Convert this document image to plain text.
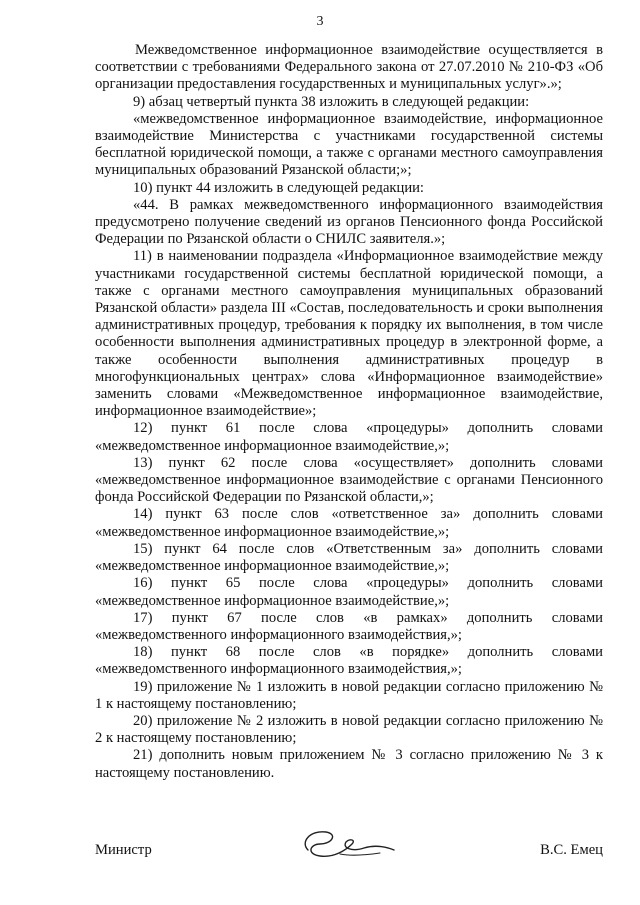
3

Межведомственное информационное взаимодействие осуществляется в соответствии с требованиями Федерального закона от 27.07.2010 № 210-ФЗ «Об организации предоставления государственных и муниципальных услуг».»;

9) абзац четвертый пункта 38 изложить в следующей редакции:

«межведомственное информационное взаимодействие, информационное взаимодействие Министерства с участниками государственной системы бесплатной юридической помощи, а также с органами местного самоуправления муниципальных образований Рязанской области;»;

10) пункт 44 изложить в следующей редакции:

«44. В рамках межведомственного информационного взаимодействия предусмотрено получение сведений из органов Пенсионного фонда Российской Федерации по Рязанской области о СНИЛС заявителя.»;

11) в наименовании подраздела «Информационное взаимодействие между участниками государственной системы бесплатной юридической помощи, а также с органами местного самоуправления муниципальных образований Рязанской области» раздела III «Состав, последовательность и сроки выполнения административных процедур, требования к порядку их выполнения, в том числе особенности выполнения административных процедур в электронной форме, а также особенности выполнения административных процедур в многофункциональных центрах» слова «Информационное взаимодействие» заменить словами «Межведомственное информационное взаимодействие, информационное взаимодействие»;

12) пункт 61 после слова «процедуры» дополнить словами «межведомственное информационное взаимодействие,»;

13) пункт 62 после слова «осуществляет» дополнить словами «межведомственное информационное взаимодействие с органами Пенсионного фонда Российской Федерации по Рязанской области,»;

14) пункт 63 после слов «ответственное за» дополнить словами «межведомственное информационное взаимодействие,»;

15) пункт 64 после слов «Ответственным за» дополнить словами «межведомственное информационное взаимодействие,»;

16) пункт 65 после слова «процедуры» дополнить словами «межведомственное информационное взаимодействие,»;

17) пункт 67 после слов «в рамках» дополнить словами «межведомственного информационного взаимодействия,»;

18) пункт 68 после слов «в порядке» дополнить словами «межведомственного информационного взаимодействия,»;

19) приложение № 1 изложить в новой редакции согласно приложению № 1 к настоящему постановлению;

20) приложение № 2 изложить в новой редакции согласно приложению № 2 к настоящему постановлению;

21) дополнить новым приложением № 3 согласно приложению № 3 к настоящему постановлению.

Министр	В.С. Емец
